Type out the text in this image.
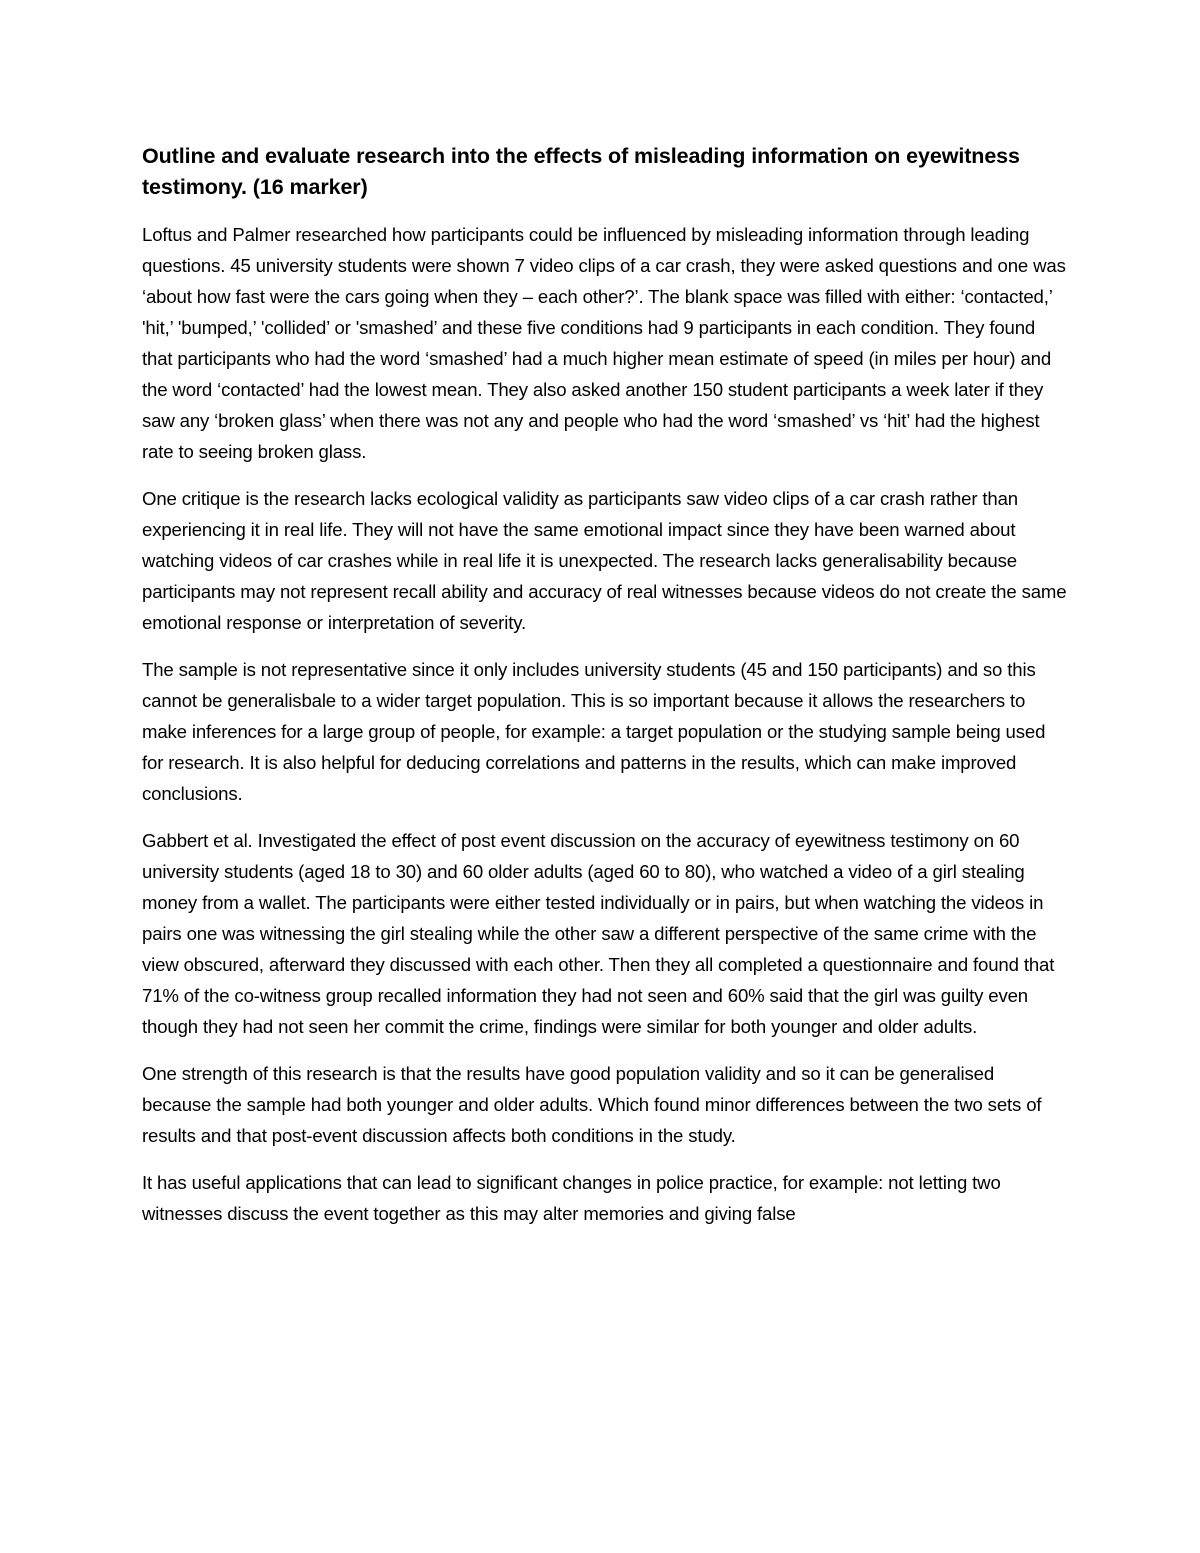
Outline and evaluate research into the effects of misleading information on eyewitness testimony. (16 marker)

Loftus and Palmer researched how participants could be influenced by misleading information through leading questions. 45 university students were shown 7 video clips of a car crash, they were asked questions and one was ‘about how fast were the cars going when they – each other?’. The blank space was filled with either: ‘contacted,’ 'hit,’ 'bumped,’ 'collided’ or 'smashed’ and these five conditions had 9 participants in each condition. They found that participants who had the word ‘smashed’ had a much higher mean estimate of speed (in miles per hour) and the word ‘contacted’ had the lowest mean. They also asked another 150 student participants a week later if they saw any ‘broken glass’ when there was not any and people who had the word ‘smashed’ vs ‘hit’ had the highest rate to seeing broken glass.

One critique is the research lacks ecological validity as participants saw video clips of a car crash rather than experiencing it in real life. They will not have the same emotional impact since they have been warned about watching videos of car crashes while in real life it is unexpected. The research lacks generalisability because participants may not represent recall ability and accuracy of real witnesses because videos do not create the same emotional response or interpretation of severity.

The sample is not representative since it only includes university students (45 and 150 participants) and so this cannot be generalisbale to a wider target population. This is so important because it allows the researchers to make inferences for a large group of people, for example: a target population or the studying sample being used for research. It is also helpful for deducing correlations and patterns in the results, which can make improved conclusions.

Gabbert et al. Investigated the effect of post event discussion on the accuracy of eyewitness testimony on 60 university students (aged 18 to 30) and 60 older adults (aged 60 to 80), who watched a video of a girl stealing money from a wallet. The participants were either tested individually or in pairs, but when watching the videos in pairs one was witnessing the girl stealing while the other saw a different perspective of the same crime with the view obscured, afterward they discussed with each other. Then they all completed a questionnaire and found that 71% of the co-witness group recalled information they had not seen and 60% said that the girl was guilty even though they had not seen her commit the crime, findings were similar for both younger and older adults.

One strength of this research is that the results have good population validity and so it can be generalised because the sample had both younger and older adults. Which found minor differences between the two sets of results and that post-event discussion affects both conditions in the study.

It has useful applications that can lead to significant changes in police practice, for example: not letting two witnesses discuss the event together as this may alter memories and giving false
